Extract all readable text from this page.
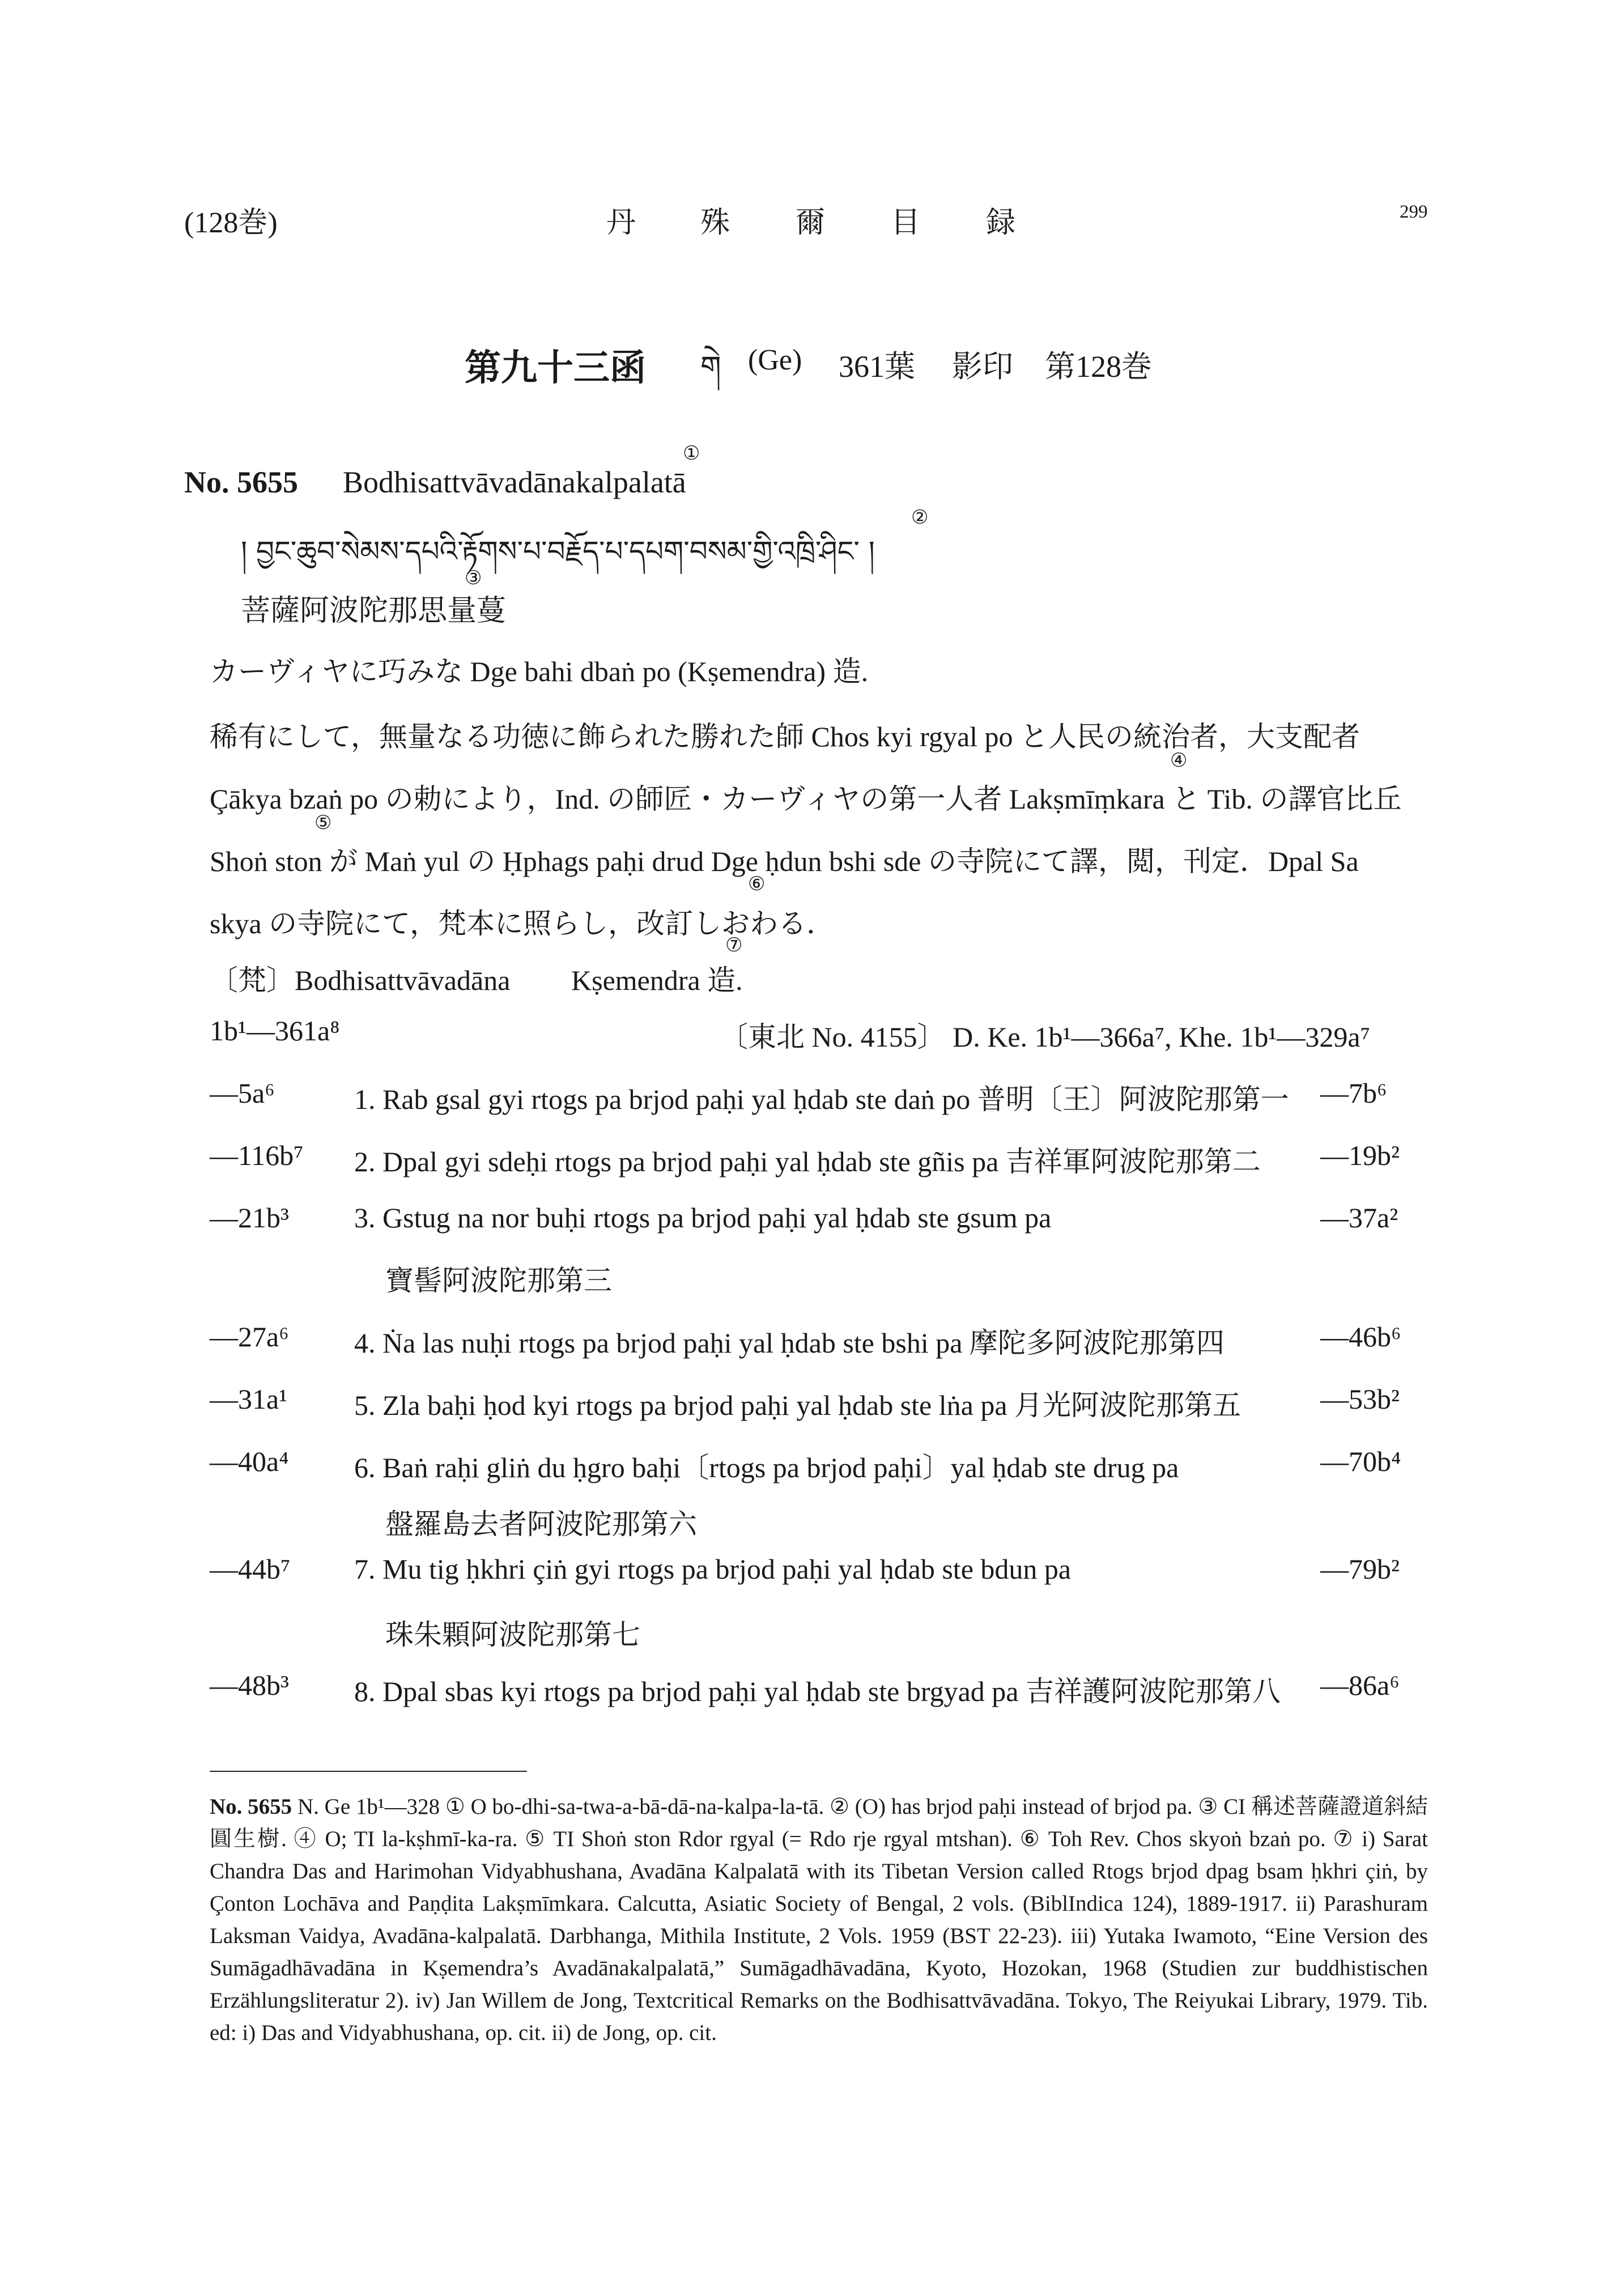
(128巻)	丹 殊 爾 目 録	299
第九十三函 གེ (Ge) 361葉 影印 第128巻
①
No. 5655 Bodhisattvāvadānakalpalatā
②
། བྱང་ཆུབ་སེམས་དཔའི་རྟོགས་པ་བརྗོད་པ་དཔག་བསམ་གྱི་འཁྲི་ཤིང་ །
③
菩薩阿波陀那思量蔓
カーヴィヤに巧みな Dge bahi dbaṅ po (Kṣemendra) 造.
稀有にして，無量なる功徳に飾られた勝れた師 Chos kyi rgyal po と人民の統治者，大支配者
④
Çākya bzaṅ po の勅により，Ind. の師匠・カーヴィヤの第一人者 Lakṣmīṃkara と Tib. の譯官比丘
⑤
Shoṅ ston が Maṅ yul の Ḥphags paḥi drud Dge ḥdun bshi sde の寺院にて譯，閲，刊定．Dpal Sa
⑥
skya の寺院にて，梵本に照らし，改訂しおわる．
⑦
〔梵〕Bodhisattvāvadāna Kṣemendra 造.
1b¹—361a⁸	〔東北 No. 4155〕 D. Ke. 1b¹—366a⁷, Khe. 1b¹—329a⁷
—5a⁶	1. Rab gsal gyi rtogs pa brjod paḥi yal ḥdab ste daṅ po 普明〔王〕阿波陀那第一 —7b⁶
—116b⁷ 2. Dpal gyi sdeḥi rtogs pa brjod paḥi yal ḥdab ste gñis pa 吉祥軍阿波陀那第二 —19b²
—21b³ 3. Gstug na nor buḥi rtogs pa brjod paḥi yal ḥdab ste gsum pa	—37a²
寶髻阿波陀那第三
—27a⁶ 4. Ṅa las nuḥi rtogs pa brjod paḥi yal ḥdab ste bshi pa 摩陀多阿波陀那第四	—46b⁶
—31a¹ 5. Zla baḥi ḥod kyi rtogs pa brjod paḥi yal ḥdab ste lṅa pa 月光阿波陀那第五	—53b²
—40a⁴ 6. Baṅ raḥi gliṅ du ḥgro baḥi〔rtogs pa brjod paḥi〕yal ḥdab ste drug pa	—70b⁴
盤羅島去者阿波陀那第六
—44b⁷ 7. Mu tig ḥkhri çiṅ gyi rtogs pa brjod paḥi yal ḥdab ste bdun pa	—79b²
珠朱顆阿波陀那第七
—48b³ 8. Dpal sbas kyi rtogs pa brjod paḥi yal ḥdab ste brgyad pa 吉祥護阿波陀那第八 —86a⁶
No. 5655 N. Ge 1b¹—328 ① O bo-dhi-sa-twa-a-bā-dā-na-kalpa-la-tā. ② (O) has brjod paḥi instead of brjod pa. ③ CI 稱述菩薩證道斜結圓生樹. ④ O; TI la-kṣhmī-ka-ra. ⑤ TI Shoṅ ston Rdor rgyal (= Rdo rje rgyal mtshan). ⑥ Toh Rev. Chos skyoṅ bzaṅ po. ⑦ i) Sarat Chandra Das and Harimohan Vidyabhushana, Avadāna Kalpalatā with its Tibetan Version called Rtogs brjod dpag bsam ḥkhri çiṅ, by Çonton Lochāva and Paṇḍita Lakṣmīmkara. Calcutta, Asiatic Society of Bengal, 2 vols. (BiblIndica 124), 1889-1917. ii) Parashuram Laksman Vaidya, Avadāna-kalpalatā. Darbhanga, Mithila Institute, 2 Vols. 1959 (BST 22-23). iii) Yutaka Iwamoto, “Eine Version des Sumāgadhāvadāna in Kṣemendra’s Avadānakalpalatā,” Sumāgadhāvadāna, Kyoto, Hozokan, 1968 (Studien zur buddhistischen Erzählungsliteratur 2). iv) Jan Willem de Jong, Textcritical Remarks on the Bodhisattvāvadāna. Tokyo, The Reiyukai Library, 1979. Tib. ed: i) Das and Vidyabhushana, op. cit. ii) de Jong, op. cit.
